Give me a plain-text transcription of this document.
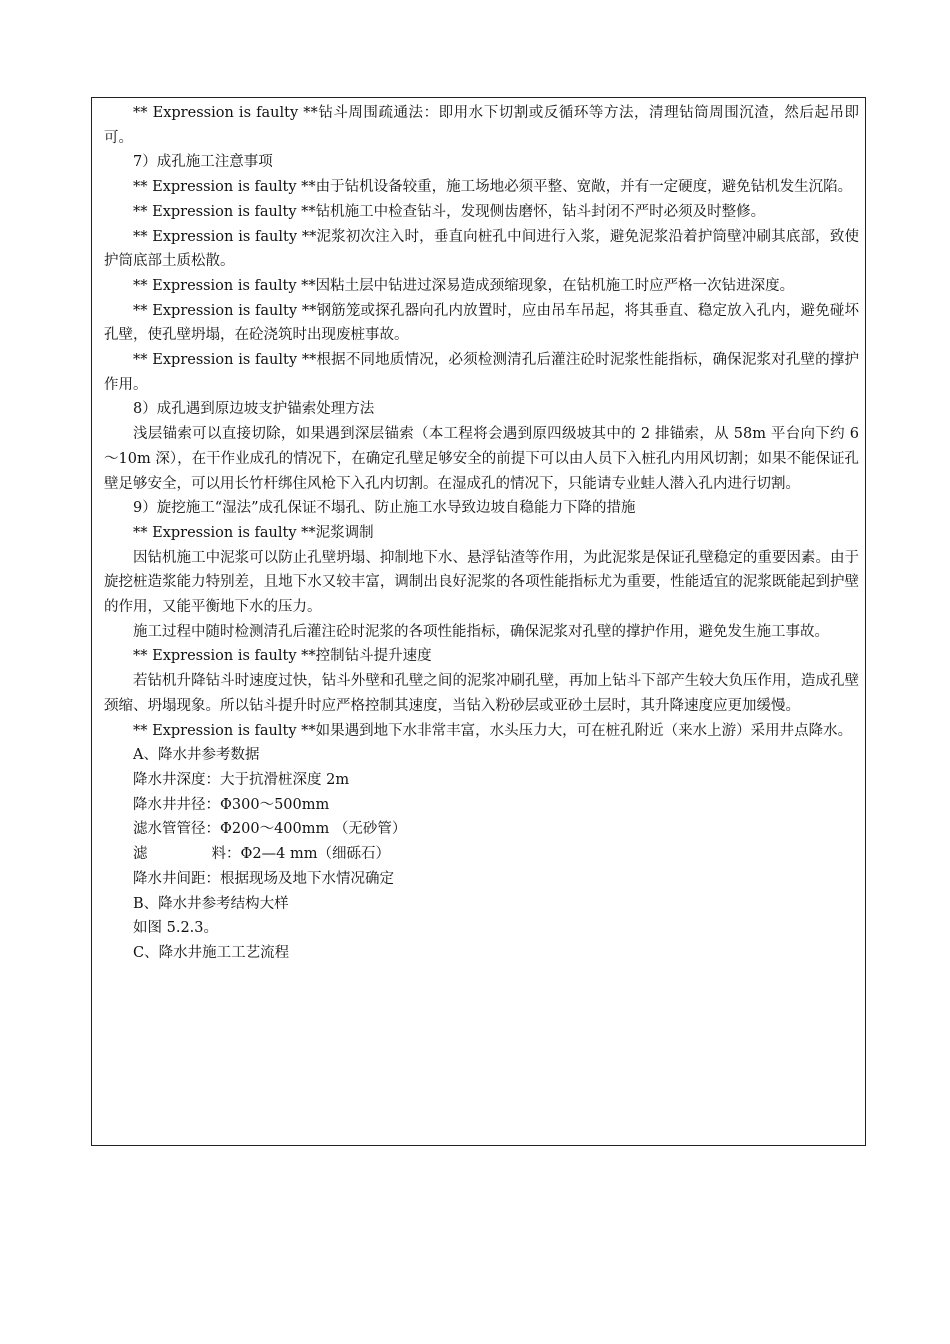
** Expression is faulty **钻斗周围疏通法：即用水下切割或反循环等方法，清理钻筒周围沉渣，然后起吊即可。

7）成孔施工注意事项

** Expression is faulty **由于钻机设备较重，施工场地必须平整、宽敞，并有一定硬度，避免钻机发生沉陷。

** Expression is faulty **钻机施工中检查钻斗，发现侧齿磨怀，钻斗封闭不严时必须及时整修。

** Expression is faulty **泥浆初次注入时，垂直向桩孔中间进行入浆，避免泥浆沿着护筒壁冲刷其底部，致使护筒底部土质松散。

** Expression is faulty **因粘土层中钻进过深易造成颈缩现象，在钻机施工时应严格一次钻进深度。

** Expression is faulty **钢筋笼或探孔器向孔内放置时，应由吊车吊起，将其垂直、稳定放入孔内，避免碰坏孔壁，使孔壁坍塌，在砼浇筑时出现废桩事故。

** Expression is faulty **根据不同地质情况，必须检测清孔后灌注砼时泥浆性能指标，确保泥浆对孔壁的撑护作用。

8）成孔遇到原边坡支护锚索处理方法

浅层锚索可以直接切除，如果遇到深层锚索（本工程将会遇到原四级坡其中的 2 排锚索，从 58m 平台向下约 6～10m 深），在干作业成孔的情况下，在确定孔壁足够安全的前提下可以由人员下入桩孔内用风切割；如果不能保证孔壁足够安全，可以用长竹杆绑住风枪下入孔内切割。在湿成孔的情况下，只能请专业蛙人潜入孔内进行切割。

9）旋挖施工“湿法”成孔保证不塌孔、防止施工水导致边坡自稳能力下降的措施

** Expression is faulty **泥浆调制

因钻机施工中泥浆可以防止孔壁坍塌、抑制地下水、悬浮钻渣等作用，为此泥浆是保证孔壁稳定的重要因素。由于旋挖桩造浆能力特别差，且地下水又较丰富，调制出良好泥浆的各项性能指标尤为重要，性能适宜的泥浆既能起到护壁的作用，又能平衡地下水的压力。

施工过程中随时检测清孔后灌注砼时泥浆的各项性能指标，确保泥浆对孔壁的撑护作用，避免发生施工事故。

** Expression is faulty **控制钻斗提升速度

若钻机升降钻斗时速度过快，钻斗外壁和孔壁之间的泥浆冲刷孔壁，再加上钻斗下部产生较大负压作用，造成孔壁颈缩、坍塌现象。所以钻斗提升时应严格控制其速度，当钻入粉砂层或亚砂土层时，其升降速度应更加缓慢。

** Expression is faulty **如果遇到地下水非常丰富，水头压力大，可在桩孔附近（来水上游）采用井点降水。

A、降水井参考数据

降水井深度：大于抗滑桩深度 2m

降水井井径：Φ300～500mm

滤水管管径：Φ200～400mm （无砂管）

滤	料：Φ2—4 mm（细砾石）

降水井间距：根据现场及地下水情况确定

B、降水井参考结构大样

如图 5.2.3。

C、降水井施工工艺流程
